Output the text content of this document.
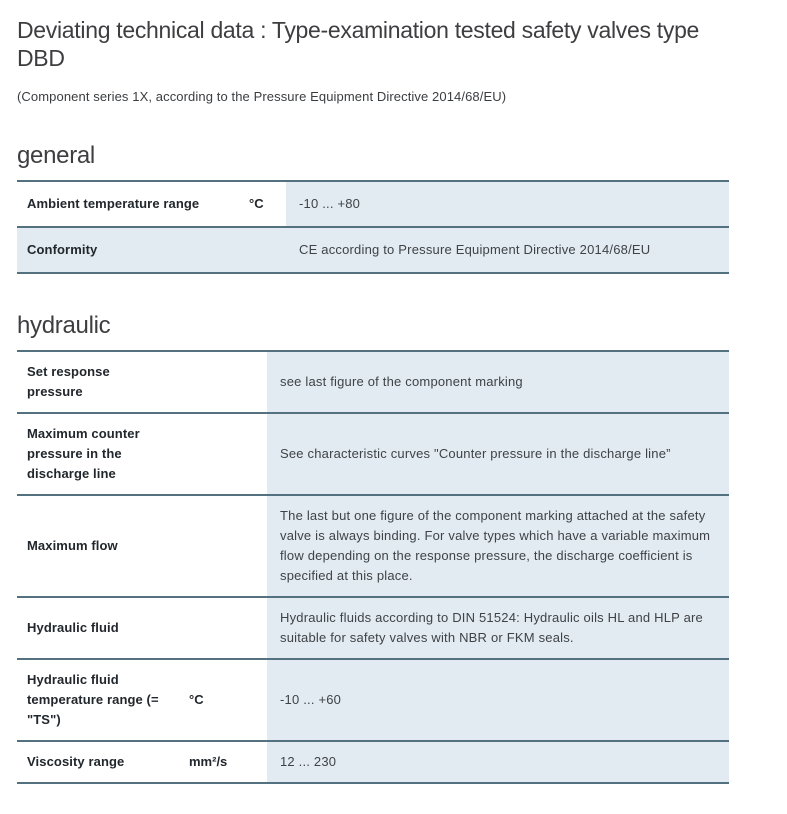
Deviating technical data : Type-examination tested safety valves type DBD

(Component series 1X, according to the Pressure Equipment Directive 2014/68/EU)

general
Ambient temperature range	°C	-10 ... +80
Conformity		CE according to Pressure Equipment Directive 2014/68/EU
hydraulic
Set response pressure		see last figure of the component marking
Maximum counter pressure in the discharge line		See characteristic curves "Counter pressure in the discharge line”
Maximum flow		The last but one figure of the component marking attached at the safety valve is always binding. For valve types which have a variable maximum flow depending on the response pressure, the discharge coefficient is specified at this place.
Hydraulic fluid		Hydraulic fluids according to DIN 51524: Hydraulic oils HL and HLP are suitable for safety valves with NBR or FKM seals.
Hydraulic fluid temperature range (= "TS")	°C	-10 ... +60
Viscosity range	mm²/s	12 ... 230
